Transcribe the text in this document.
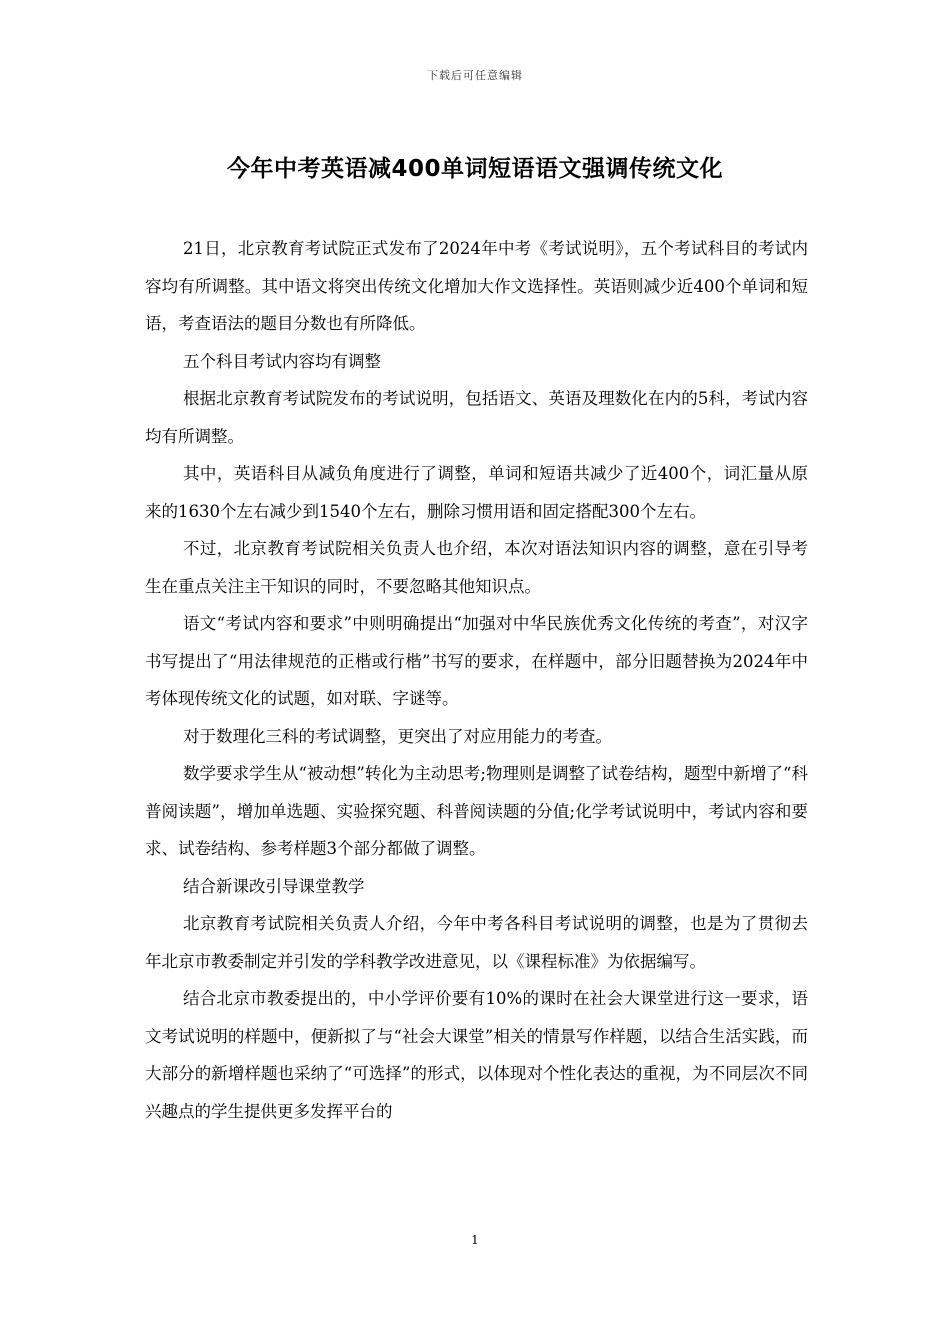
下载后可任意编辑
今年中考英语减400单词短语语文强调传统文化

21日，北京教育考试院正式发布了2024年中考《考试说明》，五个考试科目的考试内容均有所调整。其中语文将突出传统文化增加大作文选择性。英语则减少近400个单词和短语，考查语法的题目分数也有所降低。

五个科目考试内容均有调整

根据北京教育考试院发布的考试说明，包括语文、英语及理数化在内的5科，考试内容均有所调整。

其中，英语科目从减负角度进行了调整，单词和短语共减少了近400个，词汇量从原来的1630个左右减少到1540个左右，删除习惯用语和固定搭配300个左右。

不过，北京教育考试院相关负责人也介绍，本次对语法知识内容的调整，意在引导考生在重点关注主干知识的同时，不要忽略其他知识点。

语文“考试内容和要求”中则明确提出“加强对中华民族优秀文化传统的考查”，对汉字书写提出了“用法律规范的正楷或行楷”书写的要求，在样题中，部分旧题替换为2024年中考体现传统文化的试题，如对联、字谜等。

对于数理化三科的考试调整，更突出了对应用能力的考查。

数学要求学生从“被动想”转化为主动思考;物理则是调整了试卷结构，题型中新增了“科普阅读题”，增加单选题、实验探究题、科普阅读题的分值;化学考试说明中，考试内容和要求、试卷结构、参考样题3个部分都做了调整。

结合新课改引导课堂教学

北京教育考试院相关负责人介绍，今年中考各科目考试说明的调整，也是为了贯彻去年北京市教委制定并引发的学科教学改进意见，以《课程标准》为依据编写。

结合北京市教委提出的，中小学评价要有10%的课时在社会大课堂进行这一要求，语文考试说明的样题中，便新拟了与“社会大课堂”相关的情景写作样题，以结合生活实践，而大部分的新增样题也采纳了“可选择”的形式，以体现对个性化表达的重视，为不同层次不同兴趣点的学生提供更多发挥平台的

1
